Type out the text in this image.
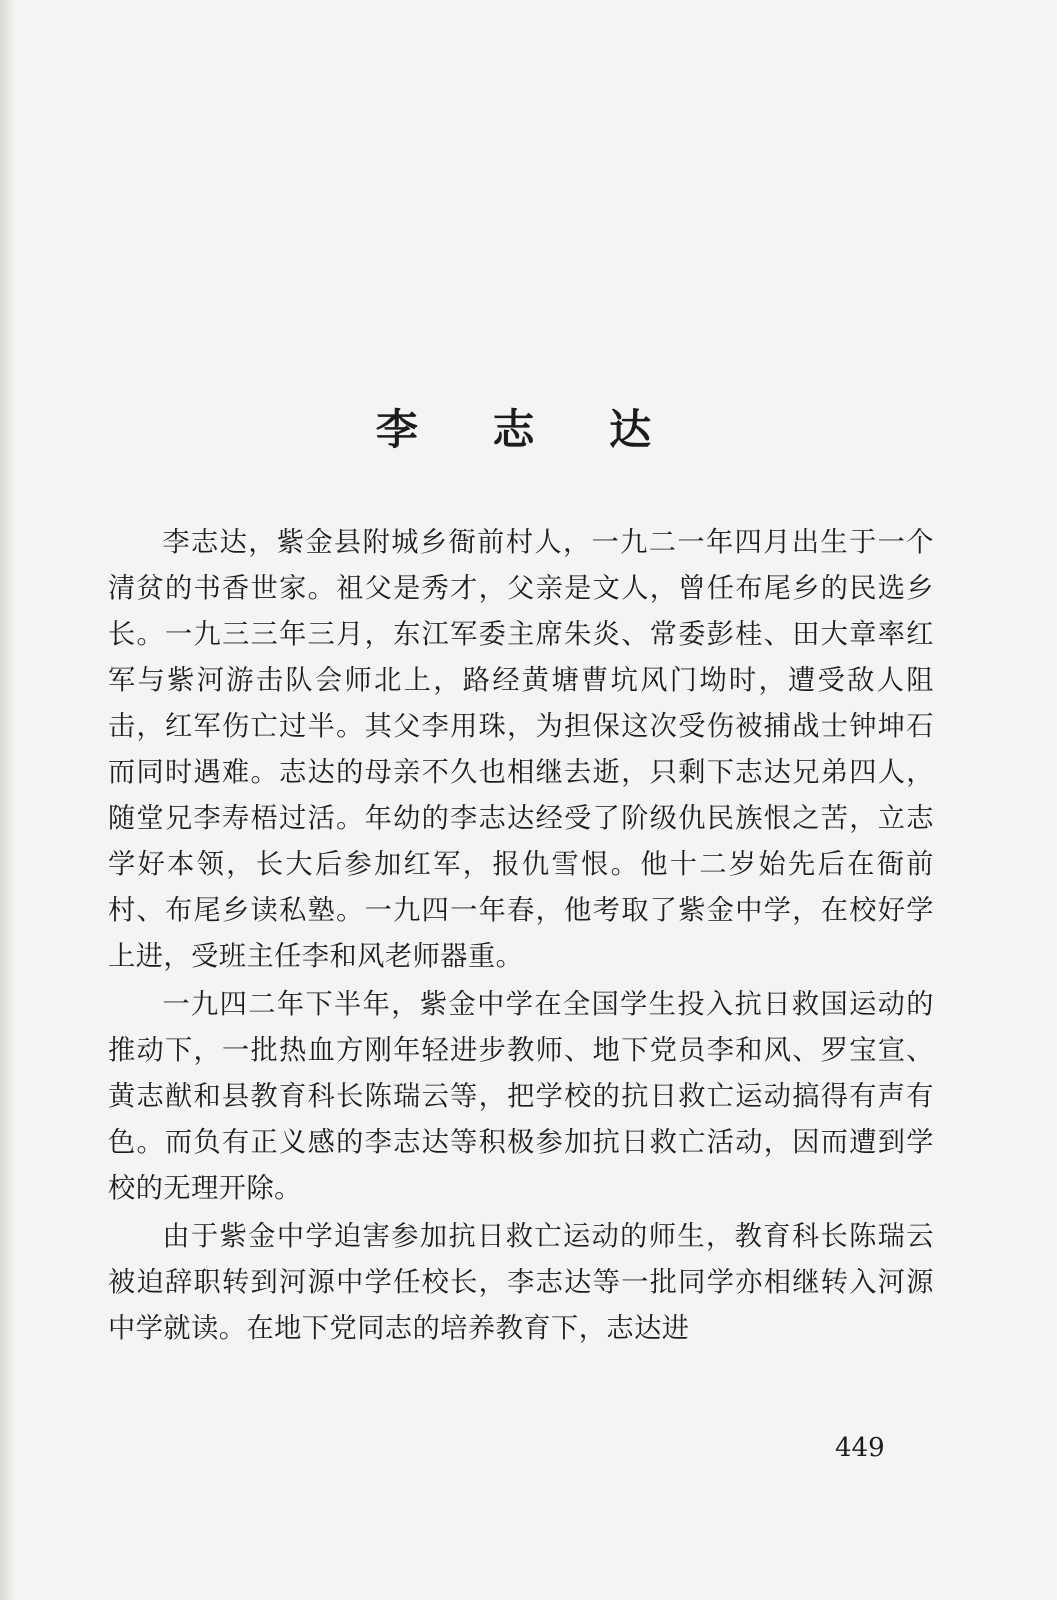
李 志 达

李志达，紫金县附城乡衙前村人，一九二一年四月出生于一个清贫的书香世家。祖父是秀才，父亲是文人，曾任布尾乡的民选乡长。一九三三年三月，东江军委主席朱炎、常委彭桂、田大章率红军与紫河游击队会师北上，路经黄塘曹坑风门坳时，遭受敌人阻击，红军伤亡过半。其父李用珠，为担保这次受伤被捕战士钟坤石而同时遇难。志达的母亲不久也相继去逝，只剩下志达兄弟四人，随堂兄李寿梧过活。年幼的李志达经受了阶级仇民族恨之苦，立志学好本领，长大后参加红军，报仇雪恨。他十二岁始先后在衙前村、布尾乡读私塾。一九四一年春，他考取了紫金中学，在校好学上进，受班主任李和风老师器重。

一九四二年下半年，紫金中学在全国学生投入抗日救国运动的推动下，一批热血方刚年轻进步教师、地下党员李和风、罗宝宣、黄志猷和县教育科长陈瑞云等，把学校的抗日救亡运动搞得有声有色。而负有正义感的李志达等积极参加抗日救亡活动，因而遭到学校的无理开除。

由于紫金中学迫害参加抗日救亡运动的师生，教育科长陈瑞云被迫辞职转到河源中学任校长，李志达等一批同学亦相继转入河源中学就读。在地下党同志的培养教育下，志达进

449
